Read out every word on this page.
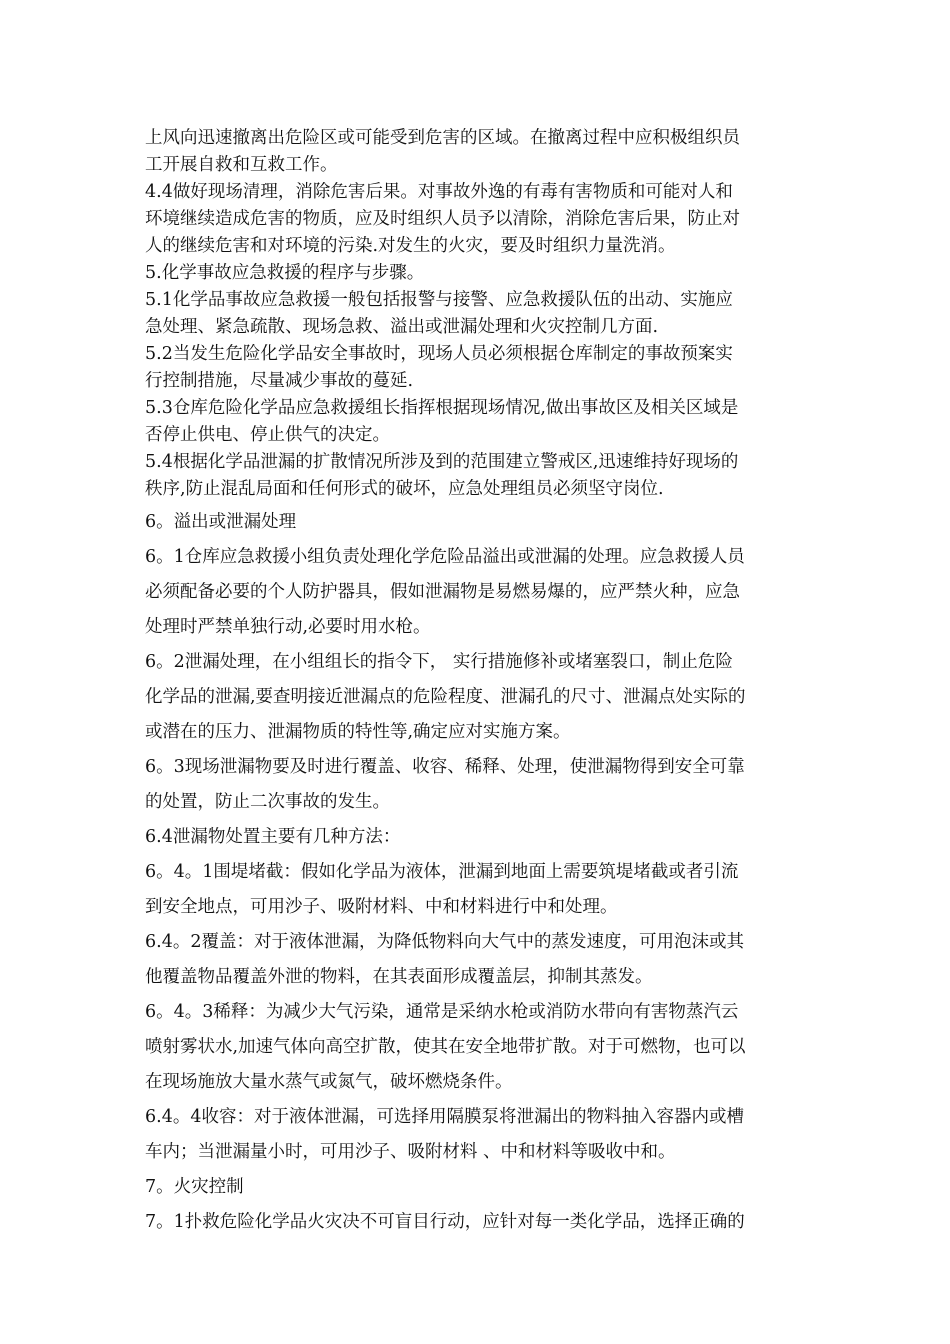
上风向迅速撤离出危险区或可能受到危害的区域。在撤离过程中应积极组织员

工开展自救和互救工作。

4.4做好现场清理，消除危害后果。对事故外逸的有毒有害物质和可能对人和

环境继续造成危害的物质，应及时组织人员予以清除，消除危害后果，防止对

人的继续危害和对环境的污染.对发生的火灾，要及时组织力量洗消。

5.化学事故应急救援的程序与步骤。

5.1化学品事故应急救援一般包括报警与接警、应急救援队伍的出动、实施应

急处理、紧急疏散、现场急救、溢出或泄漏处理和火灾控制几方面.

5.2当发生危险化学品安全事故时，现场人员必须根据仓库制定的事故预案实

行控制措施，尽量减少事故的蔓延.

5.3仓库危险化学品应急救援组长指挥根据现场情况,做出事故区及相关区域是

否停止供电、停止供气的决定。

5.4根据化学品泄漏的扩散情况所涉及到的范围建立警戒区,迅速维持好现场的

秩序,防止混乱局面和任何形式的破坏，应急处理组员必须坚守岗位.

6。溢出或泄漏处理

6。1仓库应急救援小组负责处理化学危险品溢出或泄漏的处理。应急救援人员

必须配备必要的个人防护器具，假如泄漏物是易燃易爆的，应严禁火种，应急

处理时严禁单独行动,必要时用水枪。

6。2泄漏处理，在小组组长的指令下， 实行措施修补或堵塞裂口，制止危险

化学品的泄漏,要查明接近泄漏点的危险程度、泄漏孔的尺寸、泄漏点处实际的

或潜在的压力、泄漏物质的特性等,确定应对实施方案。

6。3现场泄漏物要及时进行覆盖、收容、稀释、处理，使泄漏物得到安全可靠

的处置，防止二次事故的发生。

6.4泄漏物处置主要有几种方法：

6。4。1围堤堵截：假如化学品为液体，泄漏到地面上需要筑堤堵截或者引流

到安全地点，可用沙子、吸附材料、中和材料进行中和处理。

6.4。2覆盖：对于液体泄漏，为降低物料向大气中的蒸发速度，可用泡沫或其

他覆盖物品覆盖外泄的物料，在其表面形成覆盖层，抑制其蒸发。

6。4。3稀释：为减少大气污染，通常是采纳水枪或消防水带向有害物蒸汽云

喷射雾状水,加速气体向高空扩散，使其在安全地带扩散。对于可燃物，也可以

在现场施放大量水蒸气或氮气，破坏燃烧条件。

6.4。4收容：对于液体泄漏，可选择用隔膜泵将泄漏出的物料抽入容器内或槽

车内；当泄漏量小时，可用沙子、吸附材料 、中和材料等吸收中和。

7。火灾控制

7。1扑救危险化学品火灾决不可盲目行动，应针对每一类化学品，选择正确的
